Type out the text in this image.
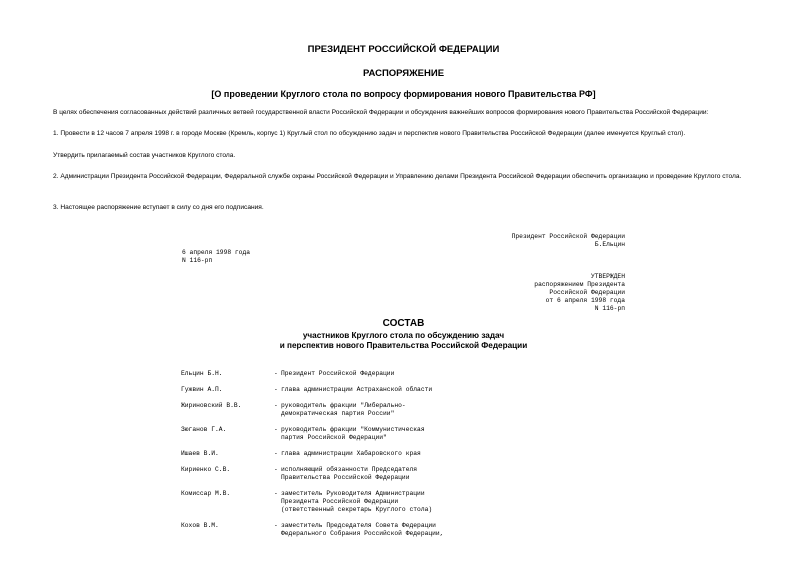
ПРЕЗИДЕНТ РОССИЙСКОЙ ФЕДЕРАЦИИ
РАСПОРЯЖЕНИЕ
[О проведении Круглого стола по вопросу формирования нового Правительства РФ]
В целях обеспечения согласованных действий различных ветвей государственной власти Российской Федерации и обсуждения важнейших вопросов формирования нового Правительства Российской Федерации:
1. Провести в 12 часов 7 апреля 1998 г. в городе Москве (Кремль, корпус 1) Круглый стол по обсуждению задач и перспектив нового Правительства Российской Федерации (далее именуется Круглый стол).
Утвердить прилагаемый состав участников Круглого стола.
2. Администрации Президента Российской Федерации, Федеральной службе охраны Российской Федерации и Управлению делами Президента Российской Федерации обеспечить организацию и проведение Круглого стола.
3. Настоящее распоряжение вступает в силу со дня его подписания.
Президент Российской Федерации
Б.Ельцин
6 апреля 1998 года
N 116-рп
УТВЕРЖДЕН
распоряжением Президента
Российской Федерации
от 6 апреля 1998 года
N 116-рп
СОСТАВ
участников Круглого стола по обсуждению задач
и перспектив нового Правительства Российской Федерации
Ельцин Б.Н.	- Президент Российской Федерации
Гужвин А.П.	- глава администрации Астраханской области
Жириновский В.В.	- руководитель фракции "Либерально-
демократическая партия России"
Зюганов Г.А.	- руководитель фракции "Коммунистическая
партия Российской Федерации"
Ишаев В.И.	- глава администрации Хабаровского края
Кириенко С.В.	- исполняющий обязанности Председателя
Правительства Российской Федерации
Комиссар М.В.	- заместитель Руководителя Администрации
Президента Российской Федерации
(ответственный секретарь Круглого стола)
Кохов В.М.	- заместитель Председателя Совета Федерации
Федерального Собрания Российской Федерации,
